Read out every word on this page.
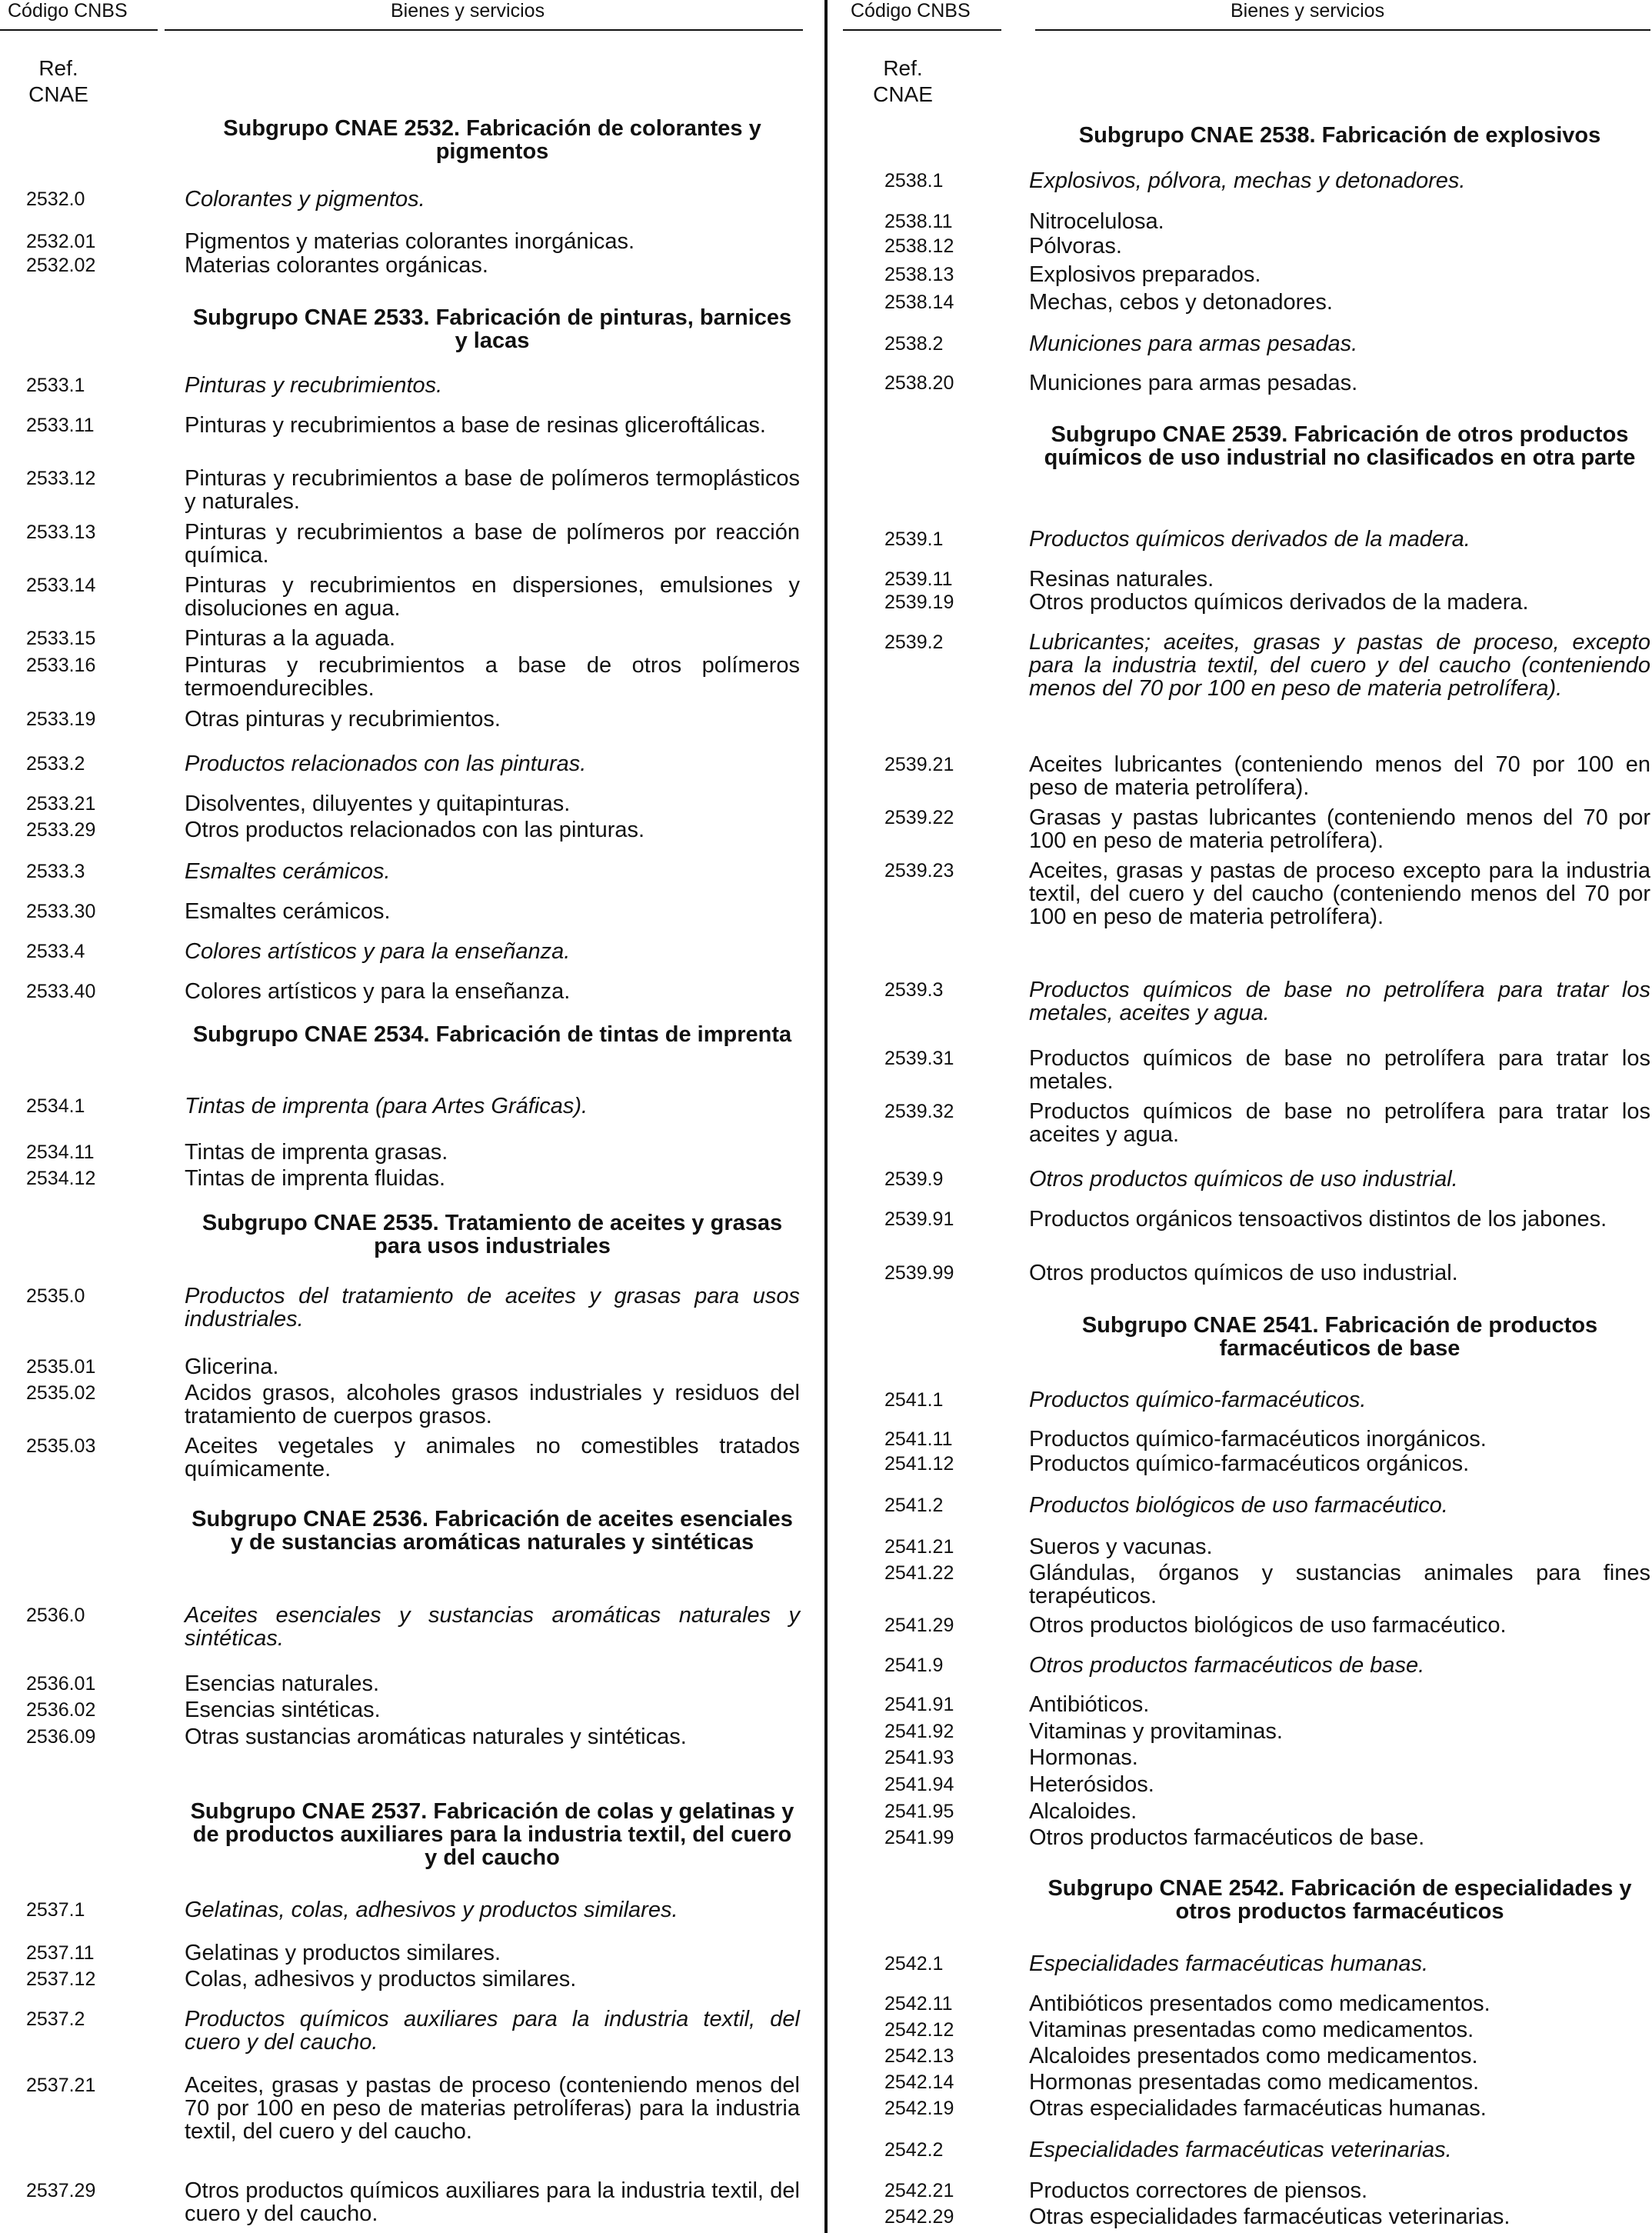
Código CNBS	Bienes y servicios	Código CNBS	Bienes y servicios
Ref.
CNAE
Ref.
CNAE
Subgrupo CNAE 2532. Fabricación de colorantes y pigmentos
2532.0	Colorantes y pigmentos.
2532.01	Pigmentos y materias colorantes inorgánicas.
2532.02	Materias colorantes orgánicas.
Subgrupo CNAE 2533. Fabricación de pinturas, barnices y lacas
2533.1	Pinturas y recubrimientos.
2533.11	Pinturas y recubrimientos a base de resinas gliceroftálicas.
2533.12	Pinturas y recubrimientos a base de polímeros termoplásticos y naturales.
2533.13	Pinturas y recubrimientos a base de polímeros por reacción química.
2533.14	Pinturas y recubrimientos en dispersiones, emulsiones y disoluciones en agua.
2533.15	Pinturas a la aguada.
2533.16	Pinturas y recubrimientos a base de otros polímeros termoendurecibles.
2533.19	Otras pinturas y recubrimientos.
2533.2	Productos relacionados con las pinturas.
2533.21	Disolventes, diluyentes y quitapinturas.
2533.29	Otros productos relacionados con las pinturas.
2533.3	Esmaltes cerámicos.
2533.30	Esmaltes cerámicos.
2533.4	Colores artísticos y para la enseñanza.
2533.40	Colores artísticos y para la enseñanza.
Subgrupo CNAE 2534. Fabricación de tintas de imprenta
2534.1	Tintas de imprenta (para Artes Gráficas).
2534.11	Tintas de imprenta grasas.
2534.12	Tintas de imprenta fluidas.
Subgrupo CNAE 2535. Tratamiento de aceites y grasas para usos industriales
2535.0	Productos del tratamiento de aceites y grasas para usos industriales.
2535.01	Glicerina.
2535.02	Acidos grasos, alcoholes grasos industriales y residuos del tratamiento de cuerpos grasos.
2535.03	Aceites vegetales y animales no comestibles tratados químicamente.
Subgrupo CNAE 2536. Fabricación de aceites esenciales y de sustancias aromáticas naturales y sintéticas
2536.0	Aceites esenciales y sustancias aromáticas naturales y sintéticas.
2536.01	Esencias naturales.
2536.02	Esencias sintéticas.
2536.09	Otras sustancias aromáticas naturales y sintéticas.
Subgrupo CNAE 2537. Fabricación de colas y gelatinas y de productos auxiliares para la industria textil, del cuero y del caucho
2537.1	Gelatinas, colas, adhesivos y productos similares.
2537.11	Gelatinas y productos similares.
2537.12	Colas, adhesivos y productos similares.
2537.2	Productos químicos auxiliares para la industria textil, del cuero y del caucho.
2537.21	Aceites, grasas y pastas de proceso (conteniendo menos del 70 por 100 en peso de materias petrolíferas) para la industria textil, del cuero y del caucho.
2537.29	Otros productos químicos auxiliares para la industria textil, del cuero y del caucho.
Subgrupo CNAE 2538. Fabricación de explosivos
2538.1	Explosivos, pólvora, mechas y detonadores.
2538.11	Nitrocelulosa.
2538.12	Pólvoras.
2538.13	Explosivos preparados.
2538.14	Mechas, cebos y detonadores.
2538.2	Municiones para armas pesadas.
2538.20	Municiones para armas pesadas.
Subgrupo CNAE 2539. Fabricación de otros productos químicos de uso industrial no clasificados en otra parte
2539.1	Productos químicos derivados de la madera.
2539.11	Resinas naturales.
2539.19	Otros productos químicos derivados de la madera.
2539.2	Lubricantes; aceites, grasas y pastas de proceso, excepto para la industria textil, del cuero y del caucho (conteniendo menos del 70 por 100 en peso de materia petrolífera).
2539.21	Aceites lubricantes (conteniendo menos del 70 por 100 en peso de materia petrolífera).
2539.22	Grasas y pastas lubricantes (conteniendo menos del 70 por 100 en peso de materia petrolífera).
2539.23	Aceites, grasas y pastas de proceso excepto para la industria textil, del cuero y del caucho (conteniendo menos del 70 por 100 en peso de materia petrolífera).
2539.3	Productos químicos de base no petrolífera para tratar los metales, aceites y agua.
2539.31	Productos químicos de base no petrolífera para tratar los metales.
2539.32	Productos químicos de base no petrolífera para tratar los aceites y agua.
2539.9	Otros productos químicos de uso industrial.
2539.91	Productos orgánicos tensoactivos distintos de los jabones.
2539.99	Otros productos químicos de uso industrial.
Subgrupo CNAE 2541. Fabricación de productos farmacéuticos de base
2541.1	Productos químico-farmacéuticos.
2541.11	Productos químico-farmacéuticos inorgánicos.
2541.12	Productos químico-farmacéuticos orgánicos.
2541.2	Productos biológicos de uso farmacéutico.
2541.21	Sueros y vacunas.
2541.22	Glándulas, órganos y sustancias animales para fines terapéuticos.
2541.29	Otros productos biológicos de uso farmacéutico.
2541.9	Otros productos farmacéuticos de base.
2541.91	Antibióticos.
2541.92	Vitaminas y provitaminas.
2541.93	Hormonas.
2541.94	Heterósidos.
2541.95	Alcaloides.
2541.99	Otros productos farmacéuticos de base.
Subgrupo CNAE 2542. Fabricación de especialidades y otros productos farmacéuticos
2542.1	Especialidades farmacéuticas humanas.
2542.11	Antibióticos presentados como medicamentos.
2542.12	Vitaminas presentadas como medicamentos.
2542.13	Alcaloides presentados como medicamentos.
2542.14	Hormonas presentadas como medicamentos.
2542.19	Otras especialidades farmacéuticas humanas.
2542.2	Especialidades farmacéuticas veterinarias.
2542.21	Productos correctores de piensos.
2542.29	Otras especialidades farmacéuticas veterinarias.
